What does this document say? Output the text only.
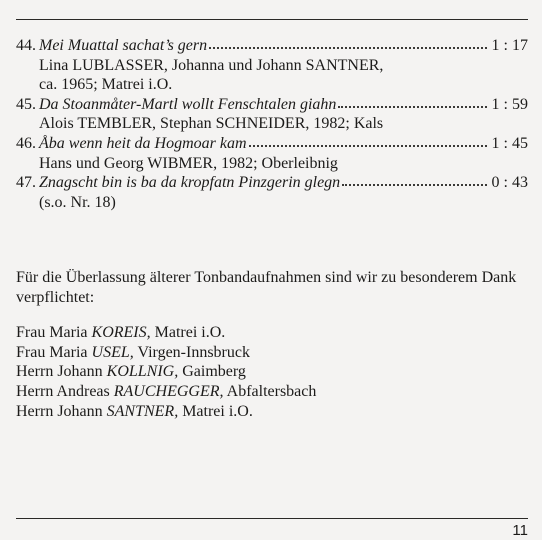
44. Mei Muattal sachat’s gern	1 : 17
Lina LUBLASSER, Johanna und Johann SANTNER,
ca. 1965; Matrei i.O.
45. Da Stoanmåter-Martl wollt Fenschtalen giahn	1 : 59
Alois TEMBLER, Stephan SCHNEIDER, 1982; Kals
46. Åba wenn heit da Hogmoar kam	1 : 45
Hans und Georg WIBMER, 1982; Oberleibnig
47. Znagscht bin is ba da kropfatn Pinzgerin glegn	0 : 43
(s.o. Nr. 18)

Für die Überlassung älterer Tonbandaufnahmen sind wir zu besonderem Dank verpflichtet:

Frau Maria KOREIS, Matrei i.O.
Frau Maria USEL, Virgen-Innsbruck
Herrn Johann KOLLNIG, Gaimberg
Herrn Andreas RAUCHEGGER, Abfaltersbach
Herrn Johann SANTNER, Matrei i.O.
11
